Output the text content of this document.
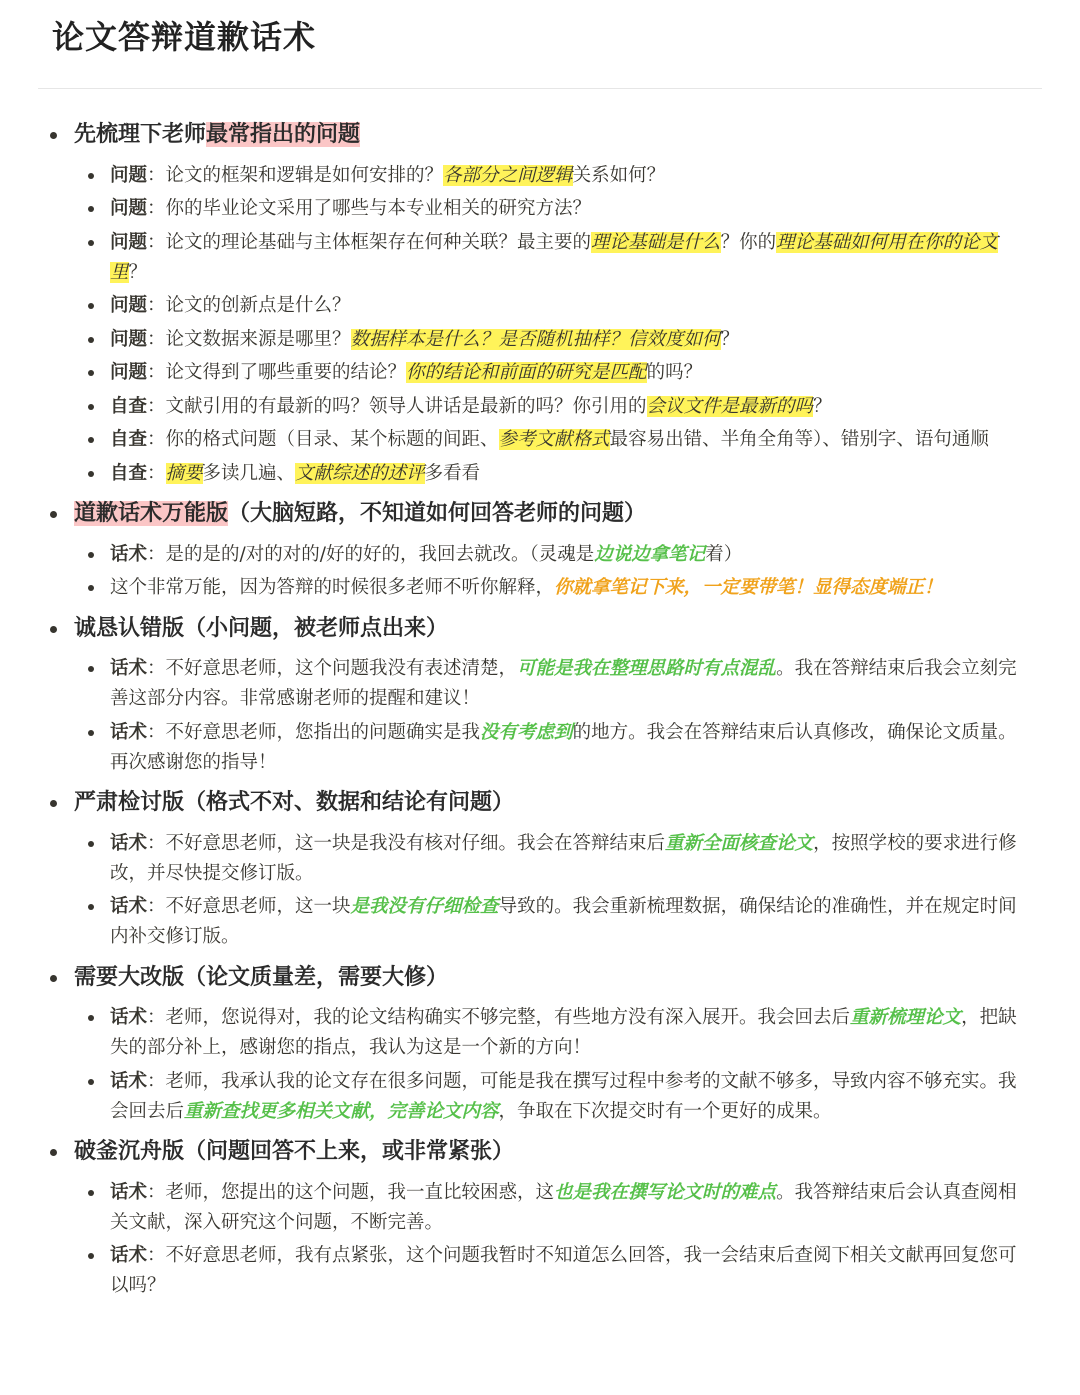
论文答辩道歉话术
先梳理下老师最常指出的问题
问题：论文的框架和逻辑是如何安排的？各部分之间逻辑关系如何？
问题：你的毕业论文采用了哪些与本专业相关的研究方法？
问题：论文的理论基础与主体框架存在何种关联？最主要的理论基础是什么？你的理论基础如何用在你的论文里？
问题：论文的创新点是什么？
问题：论文数据来源是哪里？数据样本是什么？是否随机抽样？信效度如何？
问题：论文得到了哪些重要的结论？你的结论和前面的研究是匹配的吗？
自查：文献引用的有最新的吗？领导人讲话是最新的吗？你引用的会议文件是最新的吗？
自查：你的格式问题（目录、某个标题的间距、参考文献格式最容易出错、半角全角等）、错别字、语句通顺
自查：摘要多读几遍、文献综述的述评多看看
道歉话术万能版（大脑短路，不知道如何回答老师的问题）
话术：是的是的/对的对的/好的好的，我回去就改。（灵魂是边说边拿笔记着）
这个非常万能，因为答辩的时候很多老师不听你解释，你就拿笔记下来，一定要带笔！显得态度端正！
诚恳认错版（小问题，被老师点出来）
话术：不好意思老师，这个问题我没有表述清楚，可能是我在整理思路时有点混乱。我在答辩结束后我会立刻完善这部分内容。非常感谢老师的提醒和建议！
话术：不好意思老师，您指出的问题确实是我没有考虑到的地方。我会在答辩结束后认真修改，确保论文质量。再次感谢您的指导！
严肃检讨版（格式不对、数据和结论有问题）
话术：不好意思老师，这一块是我没有核对仔细。我会在答辩结束后重新全面核查论文，按照学校的要求进行修改，并尽快提交修订版。
话术：不好意思老师，这一块是我没有仔细检查导致的。我会重新梳理数据，确保结论的准确性，并在规定时间内补交修订版。
需要大改版（论文质量差，需要大修）
话术：老师，您说得对，我的论文结构确实不够完整，有些地方没有深入展开。我会回去后重新梳理论文，把缺失的部分补上，感谢您的指点，我认为这是一个新的方向！
话术：老师，我承认我的论文存在很多问题，可能是我在撰写过程中参考的文献不够多，导致内容不够充实。我会回去后重新查找更多相关文献，完善论文内容，争取在下次提交时有一个更好的成果。
破釜沉舟版（问题回答不上来，或非常紧张）
话术：老师，您提出的这个问题，我一直比较困惑，这也是我在撰写论文时的难点。我答辩结束后会认真查阅相关文献，深入研究这个问题，不断完善。
话术：不好意思老师，我有点紧张，这个问题我暂时不知道怎么回答，我一会结束后查阅下相关文献再回复您可以吗？
